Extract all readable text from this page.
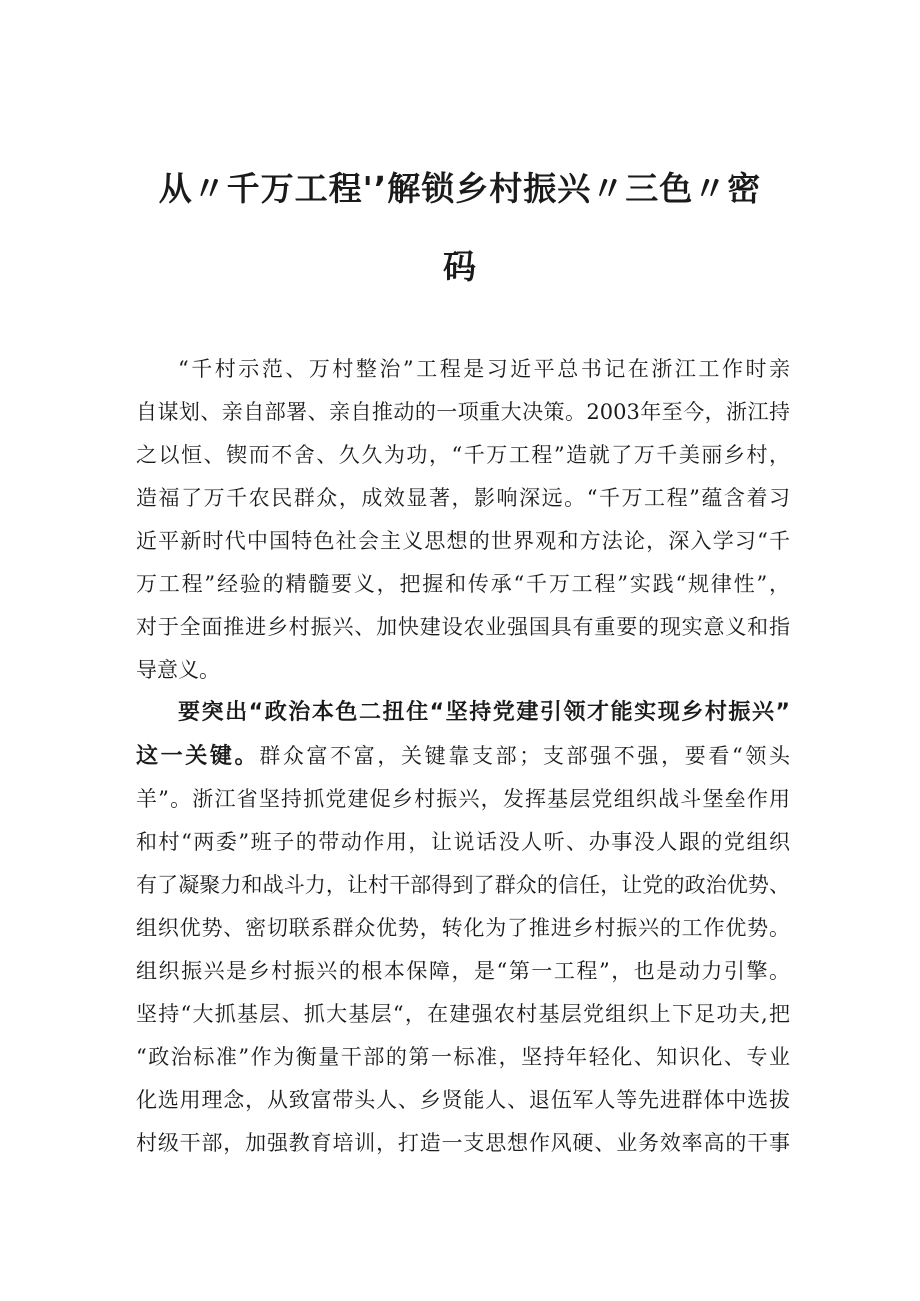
从〃千万工程'’解锁乡村振兴〃三色〃密
码
“千村示范、万村整治”工程是习近平总书记在浙江工作时亲
自谋划、亲自部署、亲自推动的一项重大决策。2003年至今，浙江持
之以恒、锲而不舍、久久为功，“千万工程”造就了万千美丽乡村，
造福了万千农民群众，成效显著，影响深远。“千万工程”蕴含着习
近平新时代中国特色社会主义思想的世界观和方法论，深入学习“千
万工程”经验的精髓要义，把握和传承“千万工程”实践“规律性”，
对于全面推进乡村振兴、加快建设农业强国具有重要的现实意义和指
导意义。
要突出“政治本色二扭住“坚持党建引领才能实现乡村振兴”
这一关键。群众富不富，关键靠支部；支部强不强，要看“领头
羊”。浙江省坚持抓党建促乡村振兴，发挥基层党组织战斗堡垒作用
和村“两委”班子的带动作用，让说话没人听、办事没人跟的党组织
有了凝聚力和战斗力，让村干部得到了群众的信任，让党的政治优势、
组织优势、密切联系群众优势，转化为了推进乡村振兴的工作优势。
组织振兴是乡村振兴的根本保障，是“第一工程”，也是动力引擎。
坚持“大抓基层、抓大基层“，在建强农村基层党组织上下足功夫,把
“政治标准”作为衡量干部的第一标准，坚持年轻化、知识化、专业
化选用理念，从致富带头人、乡贤能人、退伍军人等先进群体中选拔
村级干部，加强教育培训，打造一支思想作风硬、业务效率高的干事
